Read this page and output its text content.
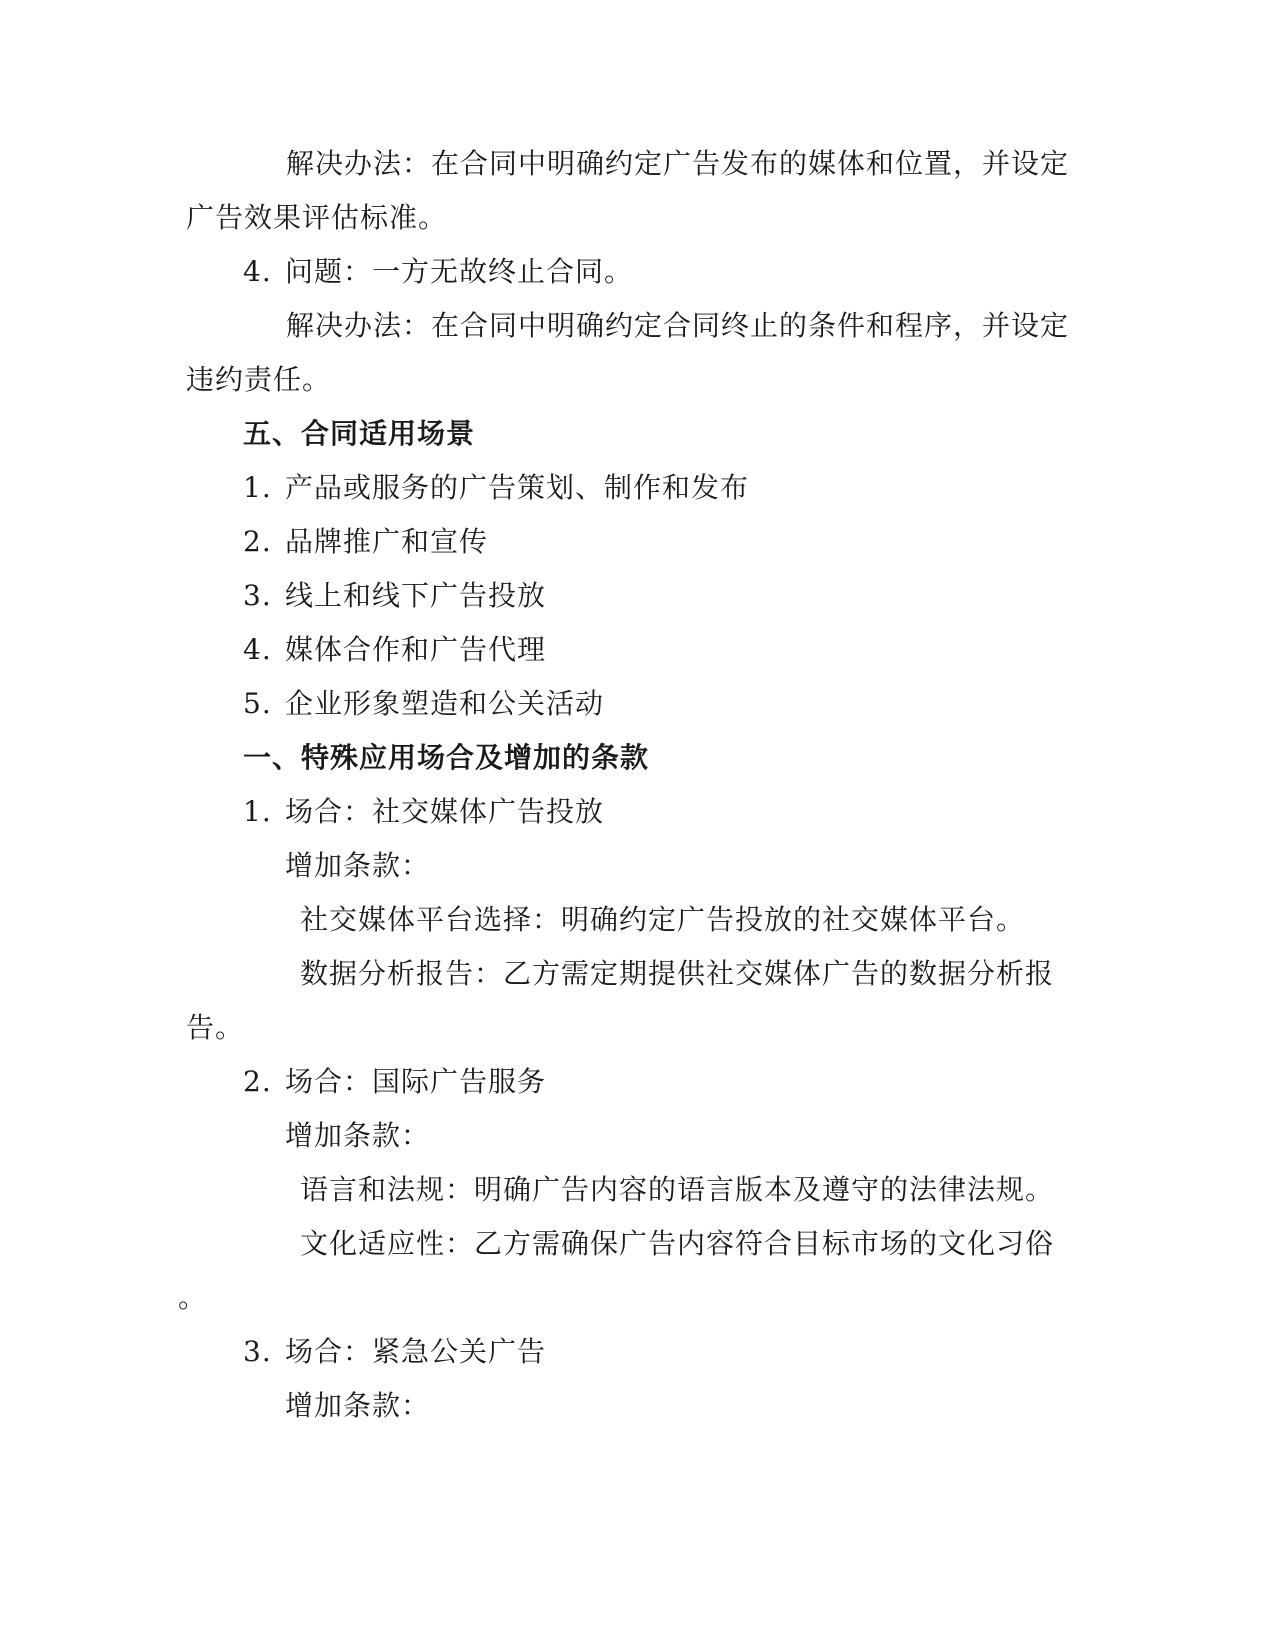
解决办法：在合同中明确约定广告发布的媒体和位置，并设定
广告效果评估标准。
4. 问题：一方无故终止合同。
解决办法：在合同中明确约定合同终止的条件和程序，并设定
违约责任。
五、合同适用场景
1. 产品或服务的广告策划、制作和发布
2. 品牌推广和宣传
3. 线上和线下广告投放
4. 媒体合作和广告代理
5. 企业形象塑造和公关活动
一、特殊应用场合及增加的条款
1. 场合：社交媒体广告投放
增加条款：
社交媒体平台选择：明确约定广告投放的社交媒体平台。
数据分析报告：乙方需定期提供社交媒体广告的数据分析报
告。
2. 场合：国际广告服务
增加条款：
语言和法规：明确广告内容的语言版本及遵守的法律法规。
文化适应性：乙方需确保广告内容符合目标市场的文化习俗
。
3. 场合：紧急公关广告
增加条款：
